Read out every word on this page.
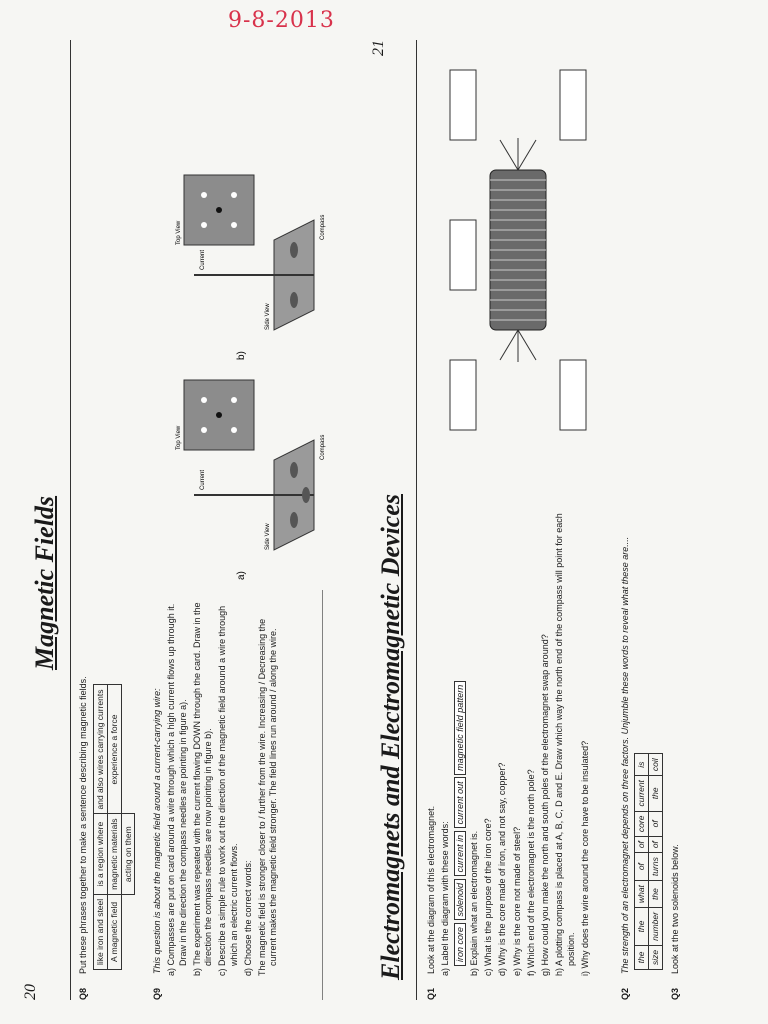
9-8-2013
20
Magnetic Fields

Q8Put these phrases together to make a sentence describing magnetic fields. like iron and steel	is a region where	and also wires carrying currents
A magnetic field	magnetic materials	experience a force
	acting on them	

Q9This question is about the magnetic field around a current-carrying wire: a) Compasses are put on card around a wire through which a high current flows up through it. Draw in the direction the compass needles are pointing in figure a). b) The experiment was repeated with the current flowing DOWN through the card. Draw in the direction the compass needles are now pointing in figure b). c) Describe a simple rule to work out the direction of the magnetic field around a wire through which an electric current flows. d) Choose the correct words: The magnetic field is stronger closer to / further from the wire. Increasing / Decreasing the current makes the magnetic field stronger. The field lines run around / along the wire.

a)
b)
Top View
Top View
Side View
Side View
Current
Current
Compass
Compass
21
Electromagnets and Electromagnetic Devices

Q1Look at the diagram of this electromagnet. a) Label the diagram with these words: iron core solenoid current in current out magnetic field pattern

b) Explain what an electromagnet is. c) What is the purpose of the iron core? d) Why is the core made of iron, and not say, copper? e) Why is the core not made of steel? f) Which end of the electromagnet is the north pole? g) How could you make the north and south poles of the electromagnet swap around? h) A plotting compass is placed at A, B, C, D and E. Draw which way the north end of the compass will point for each position. i) Why does the wire around the core have to be insulated?

Q2The strength of an electromagnet depends on three factors. Unjumble these words to reveal what these are.... the	the	what	of	of	core	current	is
size	number	the	turns	of	of	the	coil

Q3Look at the two solenoids below.
